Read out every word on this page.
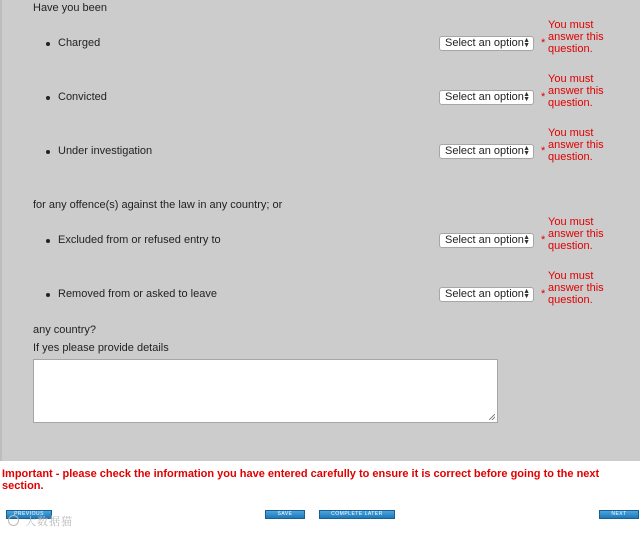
Have you been
Charged	Select an option ▲
▼ *
You must answer this question.
Convicted	Select an option ▲
▼ *
You must answer this question.
Under investigation	Select an option ▲
▼ *
You must answer this question.
for any offence(s) against the law in any country; or
Excluded from or refused entry to	Select an option ▲
▼ *
You must answer this question.
Removed from or asked to leave	Select an option ▲
▼ *
You must answer this question.
any country?
If yes please provide details
Important - please check the information you have entered carefully to ensure it is correct before going to the next section.
PREVIOUS	SAVE	COMPLETE LATER	NEXT
大数据猫
